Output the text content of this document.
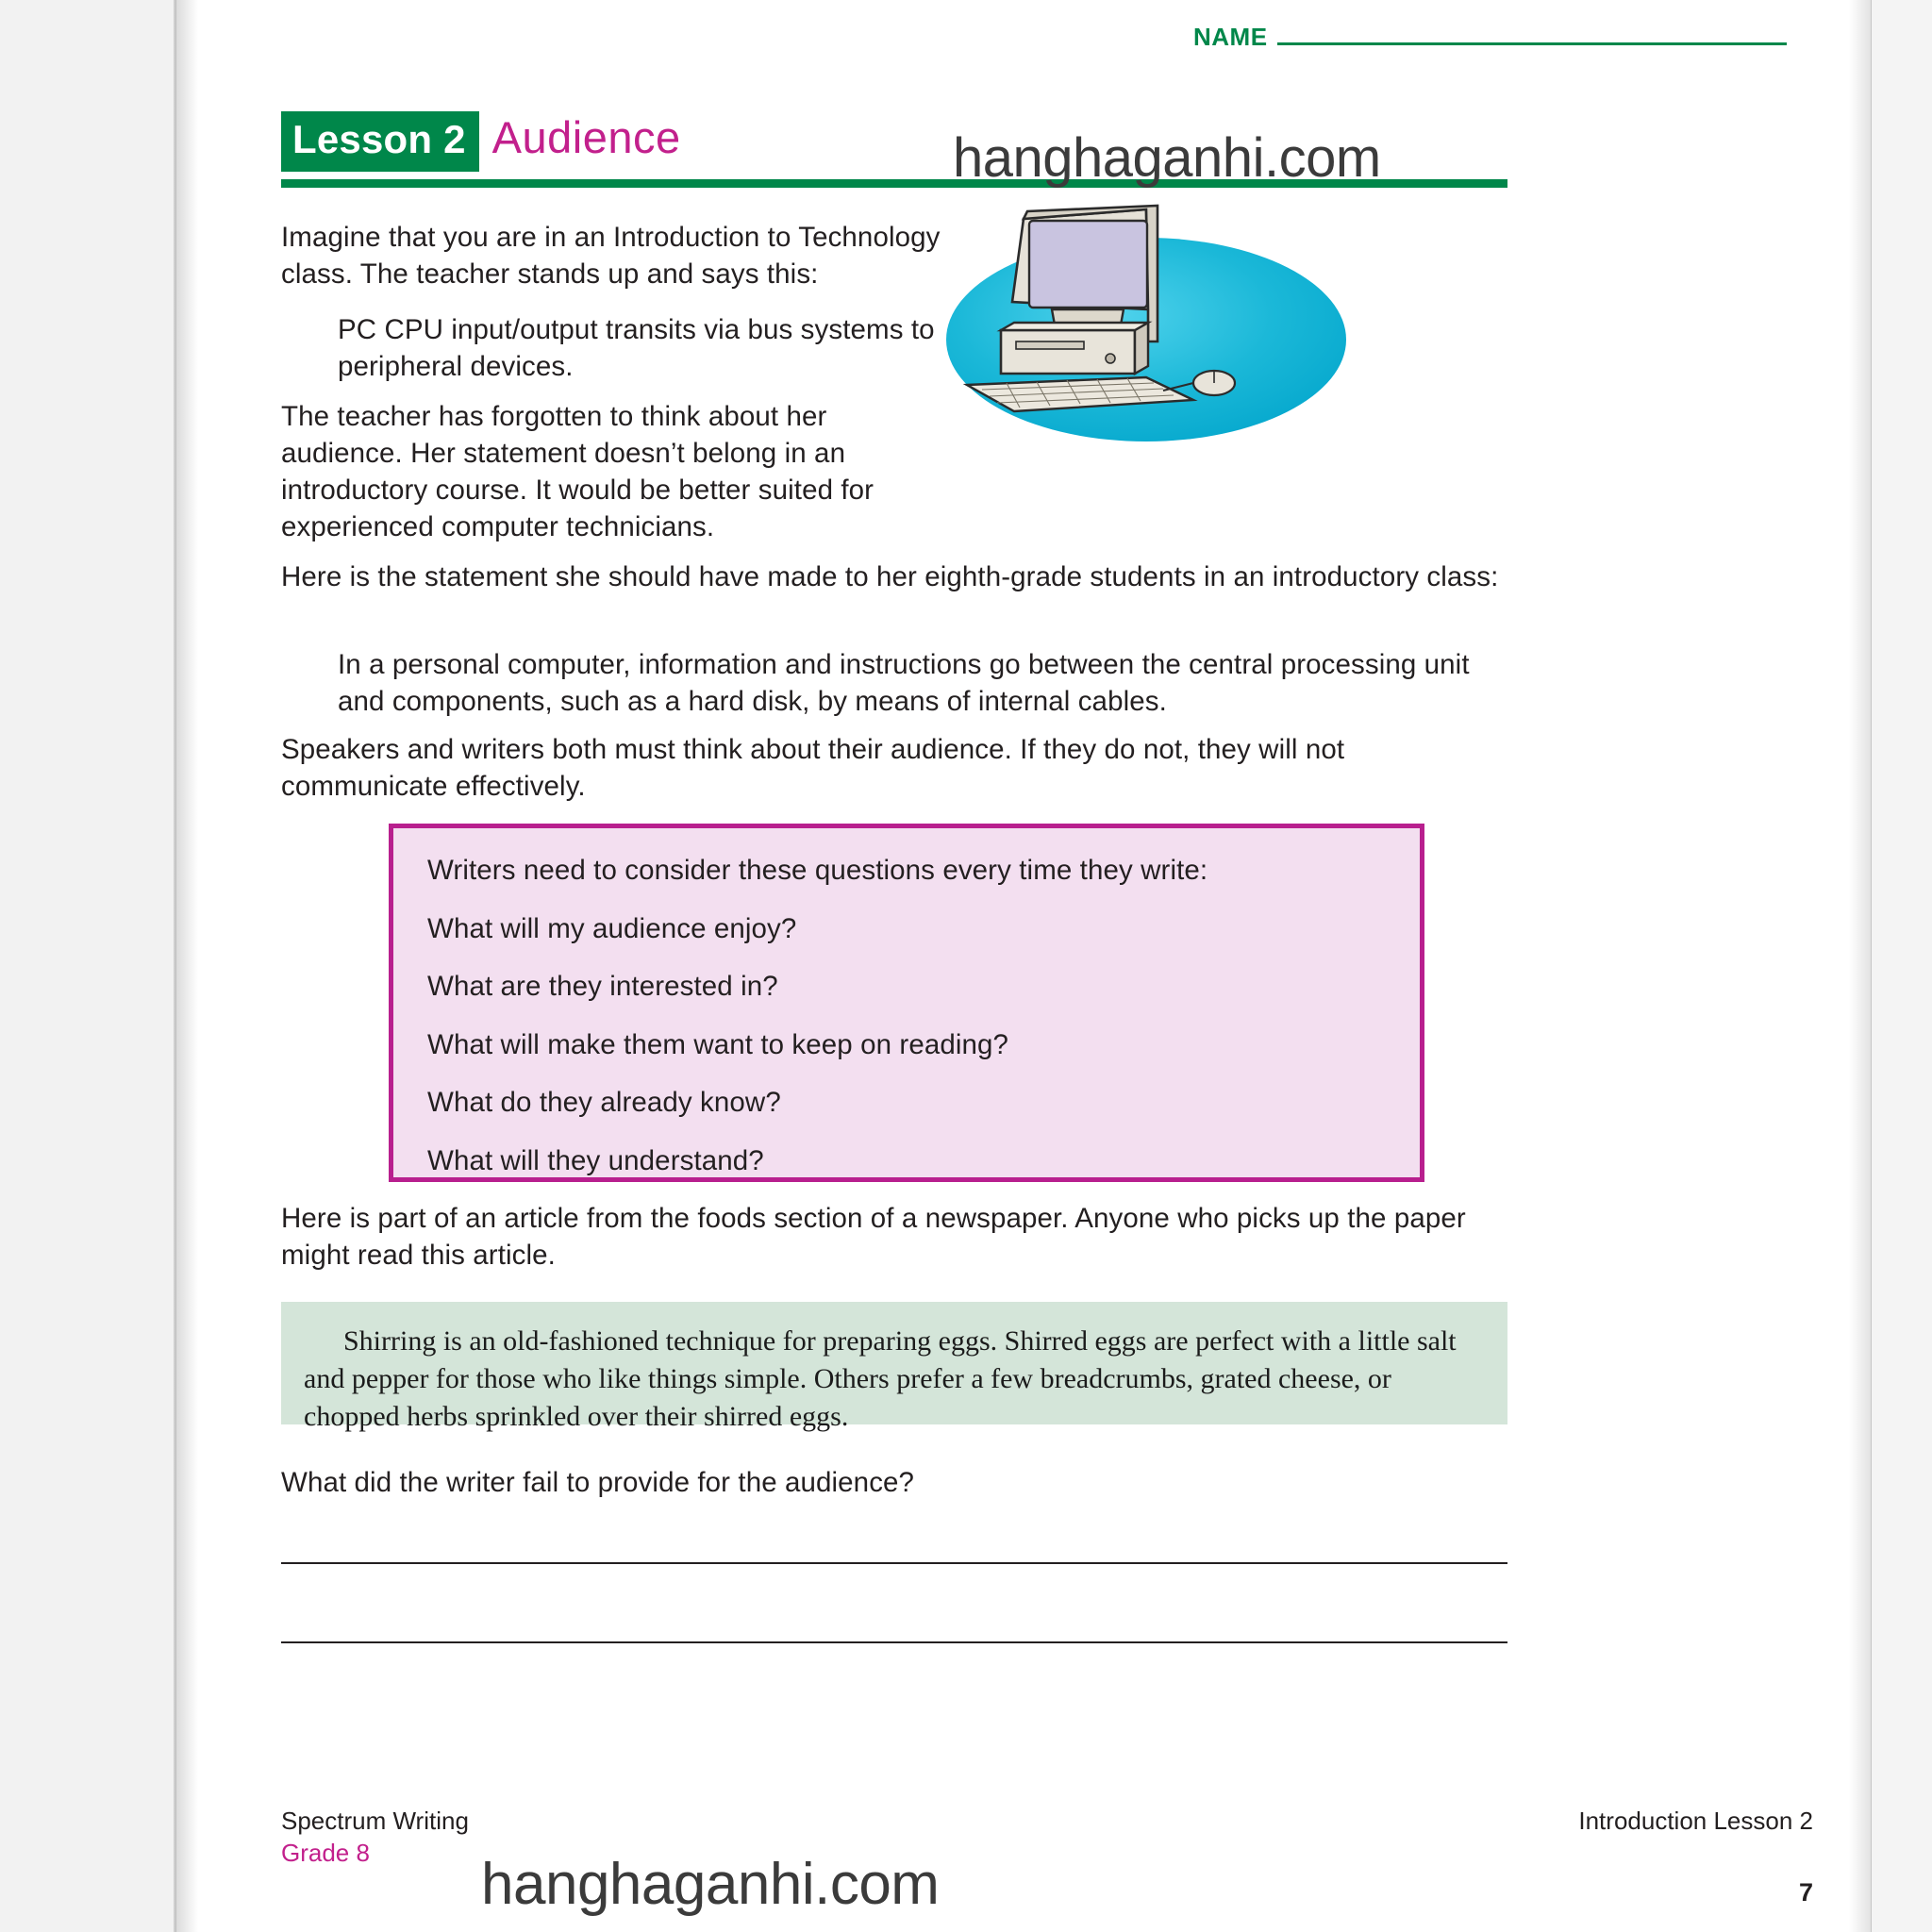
NAME
Lesson 2 Audience	hanghaganhi.com
Imagine that you are in an Introduction to Technology class. The teacher stands up and says this:
PC CPU input/output transits via bus systems to peripheral devices.
The teacher has forgotten to think about her audience. Her statement doesn’t belong in an introductory course. It would be better suited for experienced computer technicians.
Here is the statement she should have made to her eighth-grade students in an introductory class:
In a personal computer, information and instructions go between the central processing unit and components, such as a hard disk, by means of internal cables.
Speakers and writers both must think about their audience. If they do not, they will not communicate effectively.
Writers need to consider these questions every time they write:
What will my audience enjoy?
What are they interested in?
What will make them want to keep on reading?
What do they already know?
What will they understand?
Here is part of an article from the foods section of a newspaper. Anyone who picks up the paper might read this article.
Shirring is an old-fashioned technique for preparing eggs. Shirred eggs are perfect with a little salt and pepper for those who like things simple. Others prefer a few breadcrumbs, grated cheese, or chopped herbs sprinkled over their shirred eggs.
What did the writer fail to provide for the audience?
Spectrum Writing
Grade 8
Introduction Lesson 2
7
hanghaganhi.com
